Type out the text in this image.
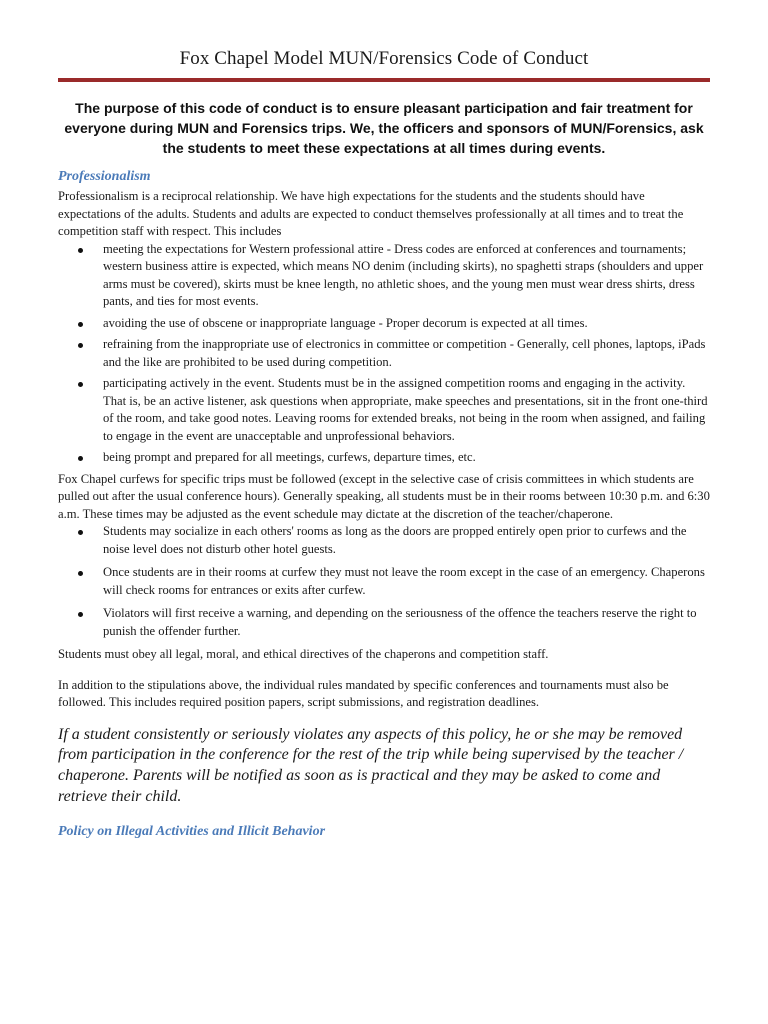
Fox Chapel Model MUN/Forensics Code of Conduct
The purpose of this code of conduct is to ensure pleasant participation and fair treatment for everyone during MUN and Forensics trips. We, the officers and sponsors of MUN/Forensics, ask the students to meet these expectations at all times during events.
Professionalism

Professionalism is a reciprocal relationship. We have high expectations for the students and the students should have expectations of the adults. Students and adults are expected to conduct themselves professionally at all times and to treat the competition staff with respect. This includes

meeting the expectations for Western professional attire - Dress codes are enforced at conferences and tournaments; western business attire is expected, which means NO denim (including skirts), no spaghetti straps (shoulders and upper arms must be covered), skirts must be knee length, no athletic shoes, and the young men must wear dress shirts, dress pants, and ties for most events.
avoiding the use of obscene or inappropriate language - Proper decorum is expected at all times.
refraining from the inappropriate use of electronics in committee or competition - Generally, cell phones, laptops, iPads and the like are prohibited to be used during competition.
participating actively in the event. Students must be in the assigned competition rooms and engaging in the activity. That is, be an active listener, ask questions when appropriate, make speeches and presentations, sit in the front one-third of the room, and take good notes. Leaving rooms for extended breaks, not being in the room when assigned, and failing to engage in the event are unacceptable and unprofessional behaviors.
being prompt and prepared for all meetings, curfews, departure times, etc.

Fox Chapel curfews for specific trips must be followed (except in the selective case of crisis committees in which students are pulled out after the usual conference hours). Generally speaking, all students must be in their rooms between 10:30 p.m. and 6:30 a.m. These times may be adjusted as the event schedule may dictate at the discretion of the teacher/chaperone.

Students may socialize in each others' rooms as long as the doors are propped entirely open prior to curfews and the noise level does not disturb other hotel guests.
Once students are in their rooms at curfew they must not leave the room except in the case of an emergency. Chaperons will check rooms for entrances or exits after curfew.
Violators will first receive a warning, and depending on the seriousness of the offence the teachers reserve the right to punish the offender further.

Students must obey all legal, moral, and ethical directives of the chaperons and competition staff.

In addition to the stipulations above, the individual rules mandated by specific conferences and tournaments must also be followed. This includes required position papers, script submissions, and registration deadlines.

If a student consistently or seriously violates any aspects of this policy, he or she may be removed from participation in the conference for the rest of the trip while being supervised by the teacher / chaperone. Parents will be notified as soon as is practical and they may be asked to come and retrieve their child.

Policy on Illegal Activities and Illicit Behavior
